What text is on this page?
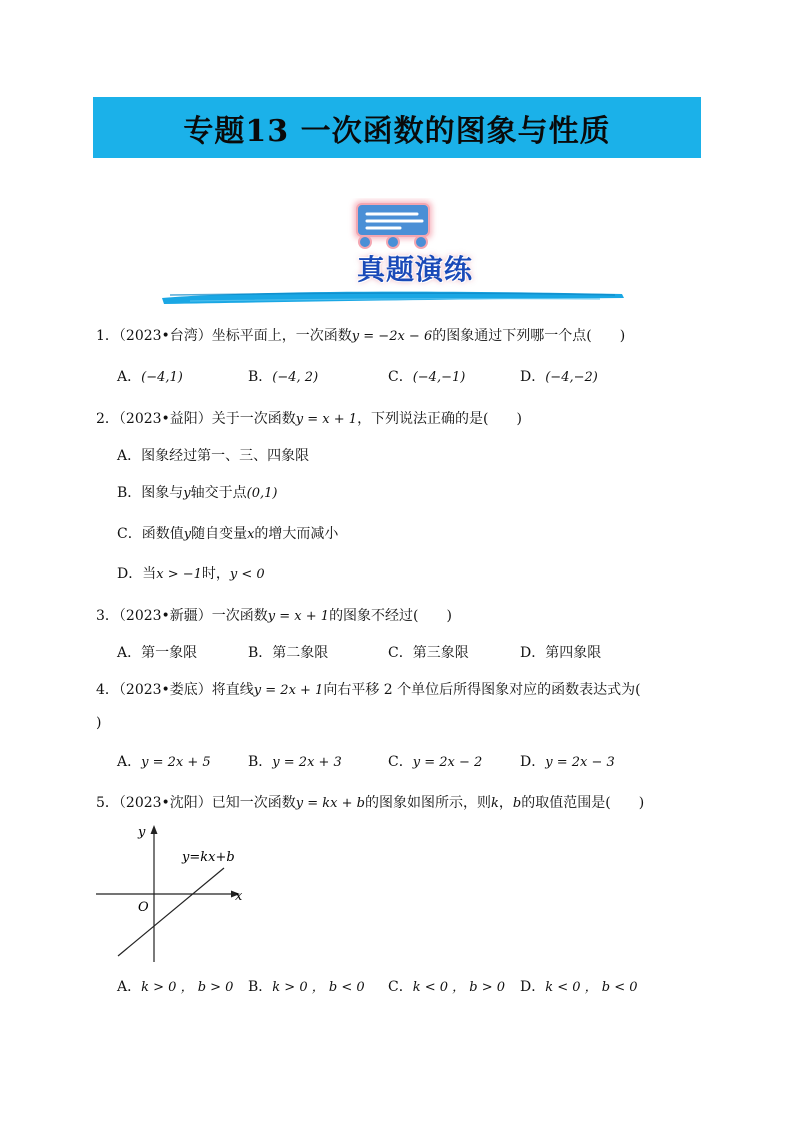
专题13 一次函数的图象与性质
真题演练
1．（2023•台湾）坐标平面上，一次函数y = −2x − 6的图象通过下列哪一个点( )
A．(−4,1)	B．(−4, 2)	C．(−4,−1)	D．(−4,−2)
2．（2023•益阳）关于一次函数y = x + 1，下列说法正确的是( )
A．图象经过第一、三、四象限
B．图象与y轴交于点(0,1)
C．函数值y随自变量x的增大而减小
D．当x > −1时，y < 0
3．（2023•新疆）一次函数y = x + 1的图象不经过( )
A．第一象限	B．第二象限	C．第三象限	D．第四象限
4．（2023•娄底）将直线y = 2x + 1向右平移 2 个单位后所得图象对应的函数表达式为(
)
A．y = 2x + 5	B．y = 2x + 3	C．y = 2x − 2	D．y = 2x − 3
5．（2023•沈阳）已知一次函数y = kx + b的图象如图所示，则k，b的取值范围是( )
y
x
O
y=kx+b
A．k > 0 ， b > 0 B．k > 0 ， b < 0 C．k < 0 ， b > 0 D．k < 0 ， b < 0
